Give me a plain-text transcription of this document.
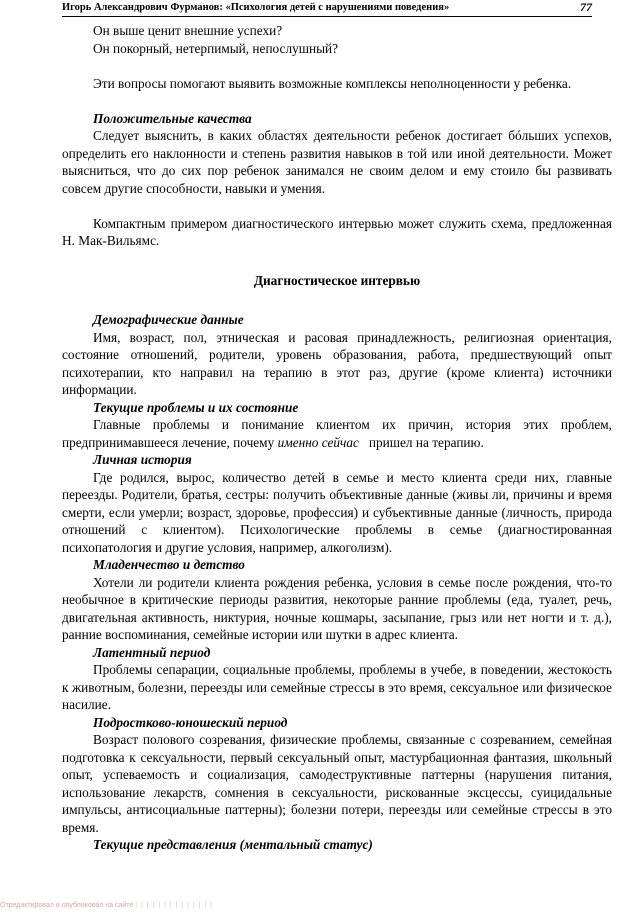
Игорь Александрович Фурманов: «Психология детей с нарушениями поведения»	77

Он выше ценит внешние успехи?

Он покорный, нетерпимый, непослушный?

Эти вопросы помогают выявить возможные комплексы неполноценности у ребенка.

Положительные качества

Следует выяснить, в каких областях деятельности ребенок достигает бóльших успехов, определить его наклонности и степень развития навыков в той или иной деятельности. Может выясниться, что до сих пор ребенок занимался не своим делом и ему стоило бы развивать совсем другие способности, навыки и умения.

Компактным примером диагностического интервью может служить схема, предложенная Н. Мак-Вильямс.

Диагностическое интервью

Демографические данные

Имя, возраст, пол, этническая и расовая принадлежность, религиозная ориентация, состояние отношений, родители, уровень образования, работа, предшествующий опыт психотерапии, кто направил на терапию в этот раз, другие (кроме клиента) источники информации.

Текущие проблемы и их состояние

Главные проблемы и понимание клиентом их причин, история этих проблем, предпринимавшееся лечение, почему именно сейчас   пришел на терапию.

Личная история

Где родился, вырос, количество детей в семье и место клиента среди них, главные переезды. Родители, братья, сестры: получить объективные данные (живы ли, причины и время смерти, если умерли; возраст, здоровье, профессия) и субъективные данные (личность, природа отношений с клиентом). Психологические проблемы в семье (диагностированная психопатология и другие условия, например, алкоголизм).

Младенчество и детство

Хотели ли родители клиента рождения ребенка, условия в семье после рождения, что-то необычное в критические периоды развития, некоторые ранние проблемы (еда, туалет, речь, двигательная активность, никтурия, ночные кошмары, засыпание, грыз или нет ногти и т. д.), ранние воспоминания, семейные истории или шутки в адрес клиента.

Латентный период

Проблемы сепарации, социальные проблемы, проблемы в учебе, в поведении, жестокость к животным, болезни, переезды или семейные стрессы в это время, сексуальное или физическое насилие.

Подростково-юношеский период

Возраст полового созревания, физические проблемы, связанные с созреванием, семейная подготовка к сексуальности, первый сексуальный опыт, мастурбационная фантазия, школьный опыт, успеваемость и социализация, самодеструктивные паттерны (нарушения питания, использование лекарств, сомнения в сексуальности, рискованные эксцессы, суицидальные импульсы, антисоциальные паттерны); болезни потери, переезды или семейные стрессы в это время.

Текущие представления (ментальный статус)

Отредактировал и опубликовал на сайте | | | | | | | | | | | | | |
